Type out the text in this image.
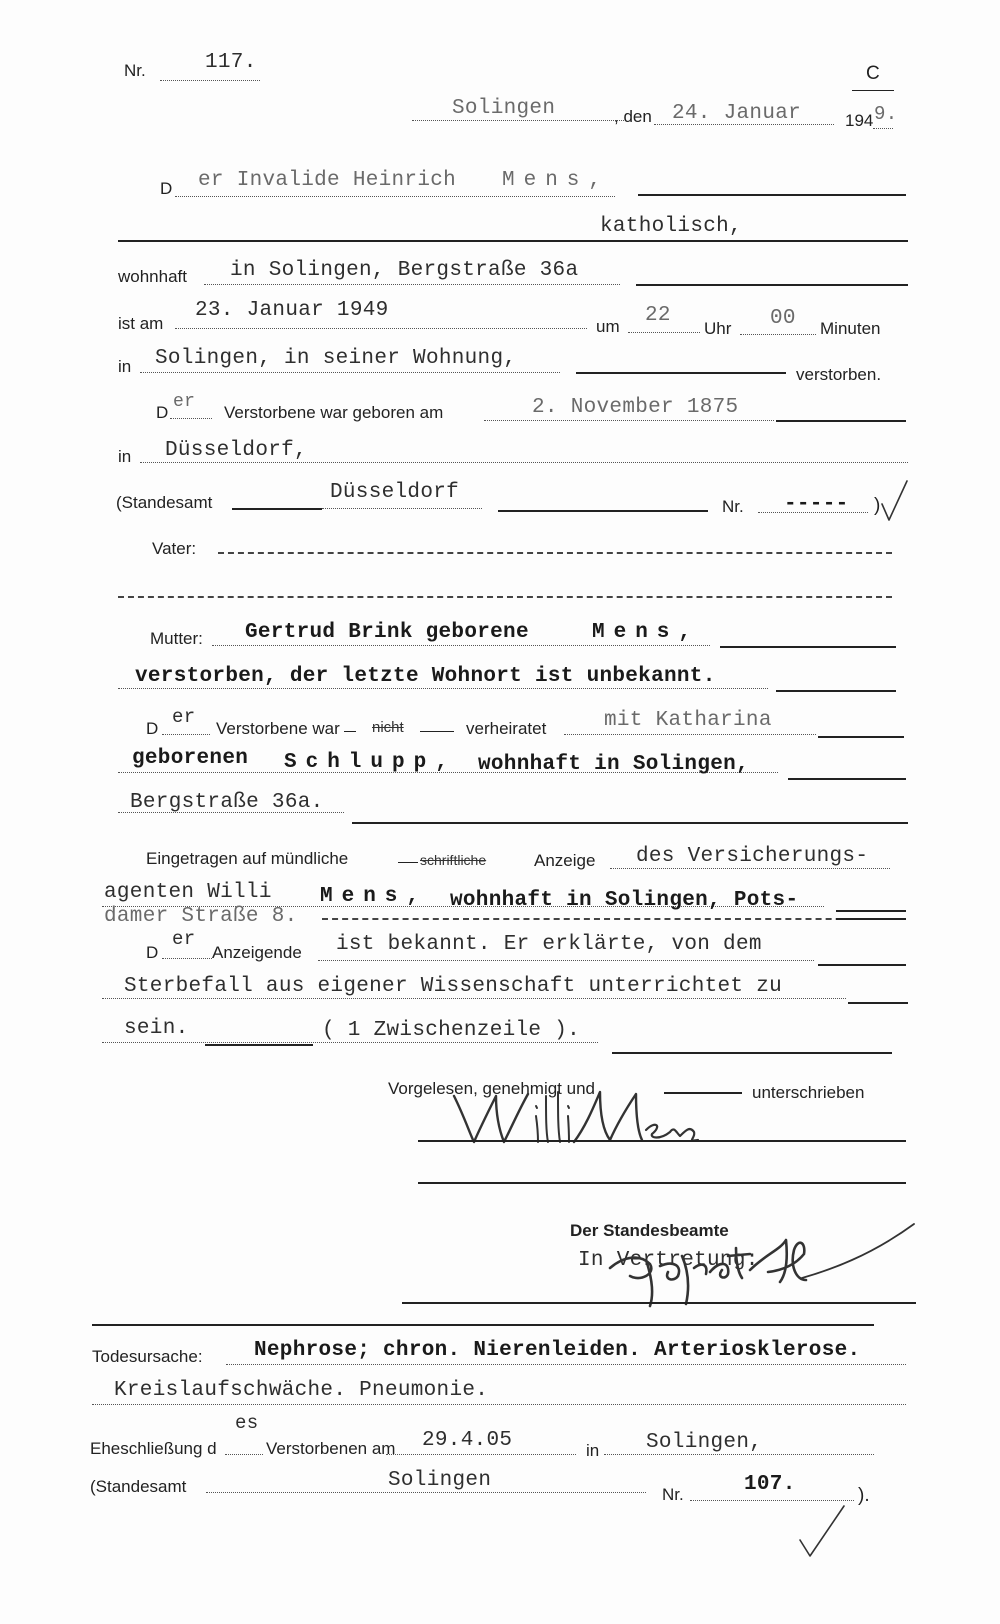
Nr.	117.	C
Solingen	, den 24. Januar	194 9.
D er Invalide Heinrich Mens,
katholisch,
wohnhaft in Solingen, Bergstraße 36a
ist am
23. Januar 1949
um 22
Uhr 00 Minuten
in Solingen, in seiner Wohnung,
verstorben.
D
er
Verstorbene war geboren am	2. November 1875
in Düsseldorf,
(Standesamt	Düsseldorf
Nr. ----- )
Vater:
Mutter: Gertrud Brink geborene	Mens,
verstorben, der letzte Wohnort ist unbekannt.
D
er
Verstorbene war nicht	verheiratet	mit Katharina
geborenen Schlupp, wohnhaft in Solingen,
Bergstraße 36a.
Eingetragen auf mündliche	schriftliche	Anzeige des Versicherungs-
agenten Willi Mens, wohnhaft in Solingen, Pots-
damer Straße 8.
D
er
Anzeigende ist bekannt. Er erklärte, von dem
Sterbefall aus eigener Wissenschaft unterrichtet zu
sein.	( 1 Zwischenzeile ).
Vorgelesen, genehmigt und	unterschrieben
Der Standesbeamte
In Vertretung:
Todesursache: Nephrose; chron. Nierenleiden. Arteriosklerose.
Kreislaufschwäche. Pneumonie.
Eheschließung d
es
Verstorbenen am 29.4.05	in Solingen,
(Standesamt	Solingen
Nr.	107.	).
